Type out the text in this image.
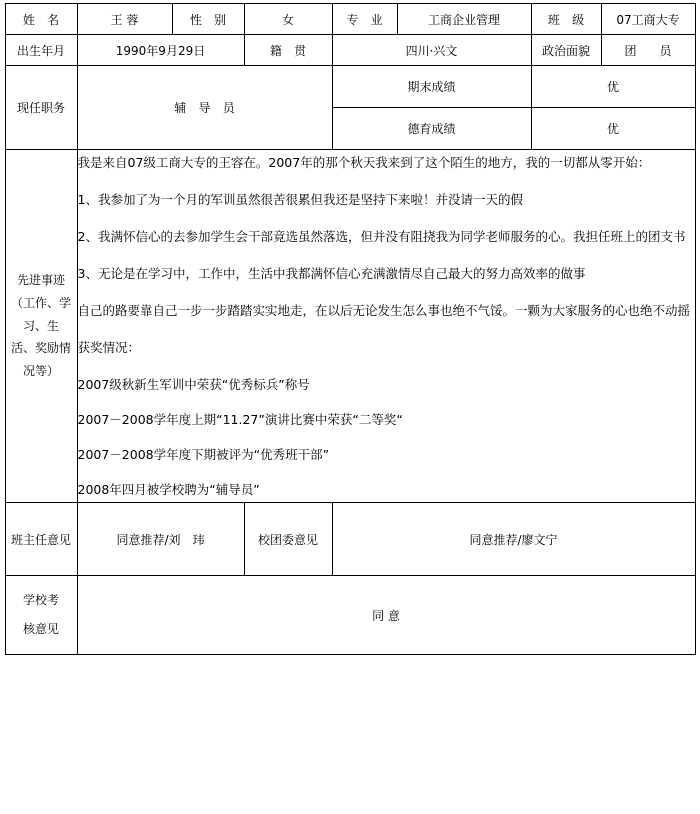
姓 名	王 蓉	性 别	女	专 业	工商企业管理	班 级	07工商大专
出生年月	1990年9月29日		籍 贯	四川·兴文		政治面貌	团 员
现任职务	辅 导 员			期末成绩		优	
				德育成绩		优	

先进事迹
（工作、学习、生
活、奖励情况等）

我是来自07级工商大专的王容在。2007年的那个秋天我来到了这个陌生的地方，我的一切都从零开始：

1、我参加了为一个月的军训虽然很苦很累但我还是坚持下来啦！并没请一天的假

2、我满怀信心的去参加学生会干部竟选虽然落选，但并没有阻挠我为同学老师服务的心。我担任班上的团支书

3、无论是在学习中，工作中，生活中我都满怀信心充满激情尽自己最大的努力高效率的做事

自己的路要靠自己一步一步踏踏实实地走，在以后无论发生怎么事也绝不气馁。一颗为大家服务的心也绝不动摇

获奖情况：

2007级秋新生军训中荣获“优秀标兵”称号

2007－2008学年度上期“11.27”演讲比赛中荣获“二等奖“

2007－2008学年度下期被评为“优秀班干部”

2008年四月被学校聘为“辅导员”

班主任意见	同意推荐/刘　玮		校团委意见	同意推荐/廖文宁			

学校考
核意见	同 意						
